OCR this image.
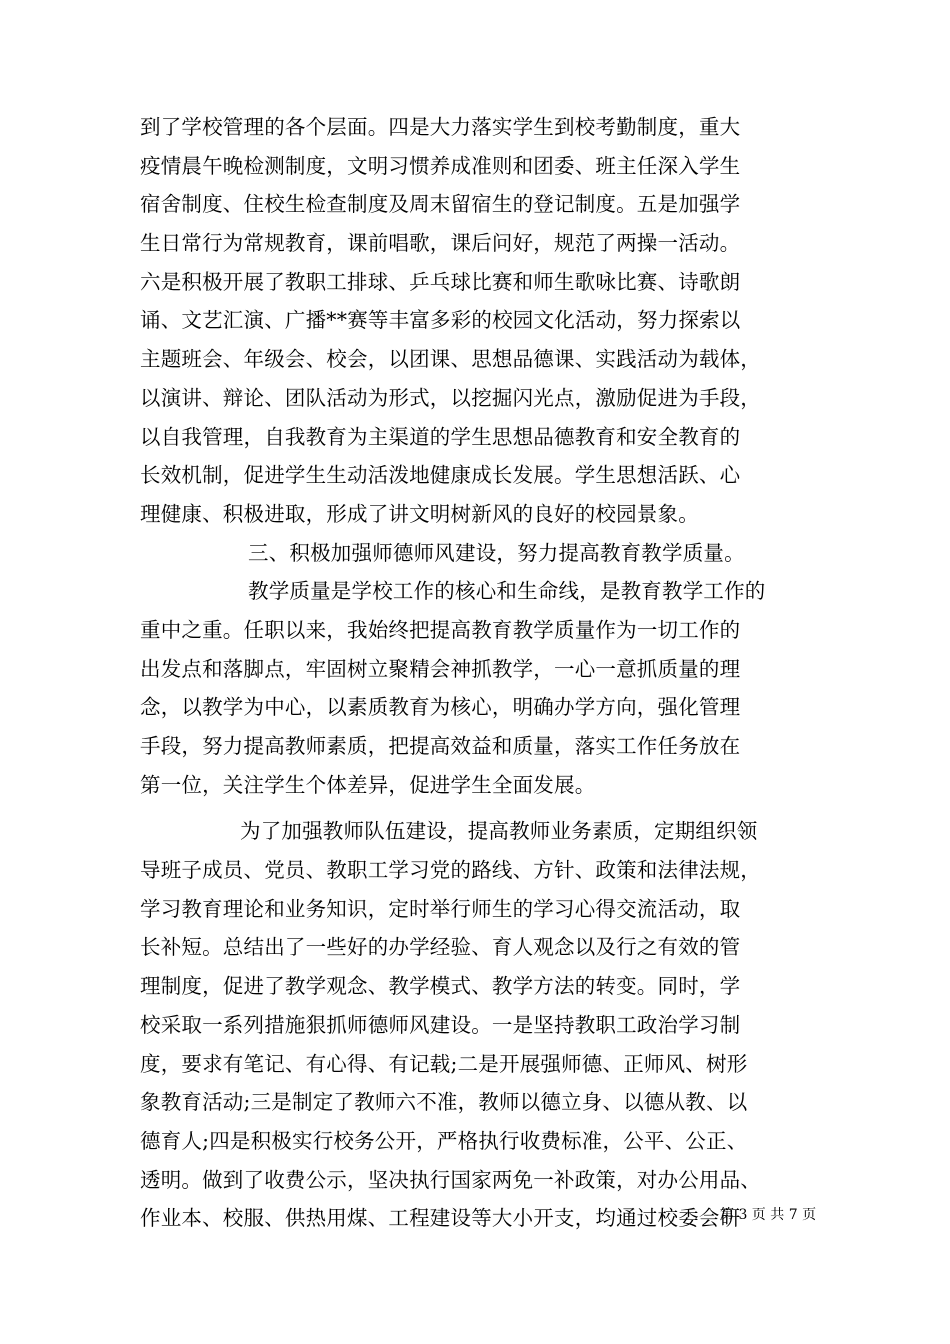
到了学校管理的各个层面。四是大力落实学生到校考勤制度，重大
疫情晨午晚检测制度，文明习惯养成准则和团委、班主任深入学生
宿舍制度、住校生检查制度及周末留宿生的登记制度。五是加强学
生日常行为常规教育，课前唱歌，课后问好，规范了两操一活动。
六是积极开展了教职工排球、乒乓球比赛和师生歌咏比赛、诗歌朗
诵、文艺汇演、广播**赛等丰富多彩的校园文化活动，努力探索以
主题班会、年级会、校会，以团课、思想品德课、实践活动为载体，
以演讲、辩论、团队活动为形式，以挖掘闪光点，激励促进为手段，
以自我管理，自我教育为主渠道的学生思想品德教育和安全教育的
长效机制，促进学生生动活泼地健康成长发展。学生思想活跃、心
理健康、积极进取，形成了讲文明树新风的良好的校园景象。
三、积极加强师德师风建设，努力提高教育教学质量。
教学质量是学校工作的核心和生命线，是教育教学工作的
重中之重。任职以来，我始终把提高教育教学质量作为一切工作的
出发点和落脚点，牢固树立聚精会神抓教学，一心一意抓质量的理
念，以教学为中心，以素质教育为核心，明确办学方向，强化管理
手段，努力提高教师素质，把提高效益和质量，落实工作任务放在
第一位，关注学生个体差异，促进学生全面发展。
为了加强教师队伍建设，提高教师业务素质，定期组织领
导班子成员、党员、教职工学习党的路线、方针、政策和法律法规，
学习教育理论和业务知识，定时举行师生的学习心得交流活动，取
长补短。总结出了一些好的办学经验、育人观念以及行之有效的管
理制度，促进了教学观念、教学模式、教学方法的转变。同时，学
校采取一系列措施狠抓师德师风建设。一是坚持教职工政治学习制
度，要求有笔记、有心得、有记载;二是开展强师德、正师风、树形
象教育活动;三是制定了教师六不准，教师以德立身、以德从教、以
德育人;四是积极实行校务公开，严格执行收费标准，公平、公正、
透明。做到了收费公示，坚决执行国家两免一补政策，对办公用品、
作业本、校服、供热用煤、工程建设等大小开支，均通过校委会研
第 3 页 共 7 页
